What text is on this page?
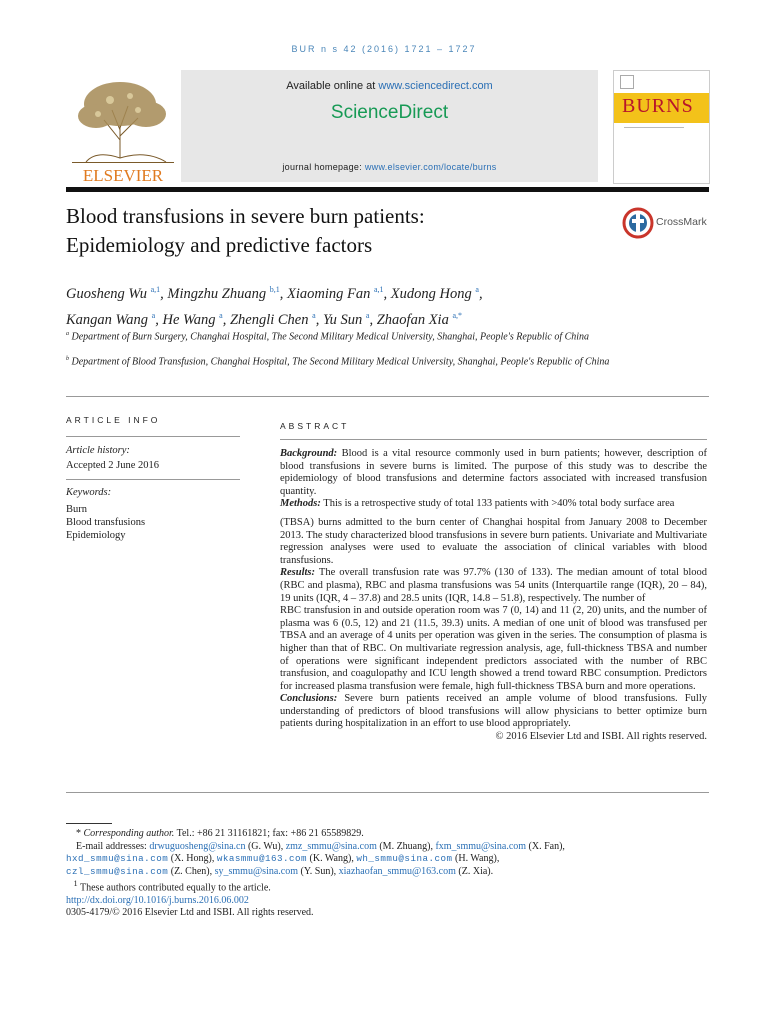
BUR n s 42 (2016) 1721 – 1727
ELSEVIER
Available online at www.sciencedirect.com
ScienceDirect
journal homepage: www.elsevier.com/locate/burns
BURNS
Blood transfusions in severe burn patients:
Epidemiology and predictive factors
CrossMark
Guosheng Wu $^{a,1}$, Mingzhu Zhuang $^{b,1}$, Xiaoming Fan $^{a,1}$, Xudong Hong $^a$,
Kangan Wang $^a$, He Wang $^a$, Zhengli Chen $^a$, Yu Sun $^a$, Zhaofan Xia $^{a,*}$
$^a$ Department of Burn Surgery, Changhai Hospital, The Second Military Medical University, Shanghai, People's Republic of China
$^b$ Department of Blood Transfusion, Changhai Hospital, The Second Military Medical University, Shanghai, People's Republic of China
ARTICLE INFO
Article history:
Accepted 2 June 2016
Keywords:
Burn
Blood transfusions
Epidemiology
ABSTRACT

Background: Blood is a vital resource commonly used in burn patients; however, description of blood transfusions in severe burns is limited. The purpose of this study was to describe the epidemiology of blood transfusions and determine factors associated with increased transfusion quantity.

Methods: This is a retrospective study of total 133 patients with >40% total body surface area

(TBSA) burns admitted to the burn center of Changhai hospital from January 2008 to December 2013. The study characterized blood transfusions in severe burn patients. Univariate and Multivariate regression analyses were used to evaluate the association of clinical variables with blood transfusions.

Results: The overall transfusion rate was 97.7% (130 of 133). The median amount of total blood (RBC and plasma), RBC and plasma transfusions was 54 units (Interquartile range (IQR), 20 – 84), 19 units (IQR, 4 – 37.8) and 28.5 units (IQR, 14.8 – 51.8), respectively. The number of

RBC transfusion in and outside operation room was 7 (0, 14) and 11 (2, 20) units, and the number of plasma was 6 (0.5, 12) and 21 (11.5, 39.3) units. A median of one unit of blood was transfused per TBSA and an average of 4 units per operation was given in the series. The consumption of plasma is higher than that of RBC. On multivariate regression analysis, age, full-thickness TBSA and number of operations were significant independent predictors associated with the number of RBC transfusion, and coagulopathy and ICU length showed a trend toward RBC consumption. Predictors for increased plasma transfusion were female, high full-thickness TBSA burn and more operations.

Conclusions: Severe burn patients received an ample volume of blood transfusions. Fully understanding of predictors of blood transfusions will allow physicians to better optimize burn patients during hospitalization in an effort to use blood appropriately.

© 2016 Elsevier Ltd and ISBI. All rights reserved.

* Corresponding author. Tel.: +86 21 31161821; fax: +86 21 65589829.

E-mail addresses: drwuguosheng@sina.cn (G. Wu), zmz_smmu@sina.com (M. Zhuang), fxm_smmu@sina.com (X. Fan),
hxd_smmu@sina.com (X. Hong), wkasmmu@163.com (K. Wang), wh_smmu@sina.com (H. Wang),
czl_smmu@sina.com (Z. Chen), sy_smmu@sina.com (Y. Sun), xiazhaofan_smmu@163.com (Z. Xia).

$^1$ These authors contributed equally to the article.

http://dx.doi.org/10.1016/j.burns.2016.06.002

0305-4179/© 2016 Elsevier Ltd and ISBI. All rights reserved.
